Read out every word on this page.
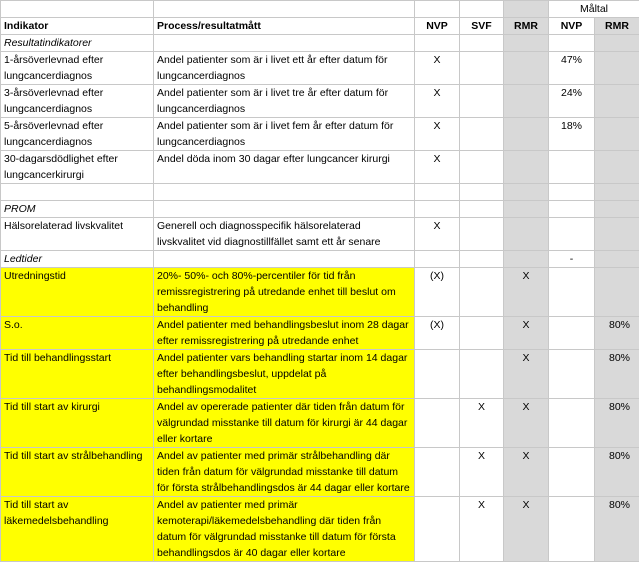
					Måltal	
Indikator	Process/resultatmått	NVP	SVF	RMR	NVP	RMR
Resultatindikatorer						
1-årsöverlevnad efter lungcancerdiagnos	Andel patienter som är i livet ett år efter datum för lungcancerdiagnos	X			47%	
3-årsöverlevnad efter lungcancerdiagnos	Andel patienter som är i livet tre år efter datum för lungcancerdiagnos	X			24%	
5-årsöverlevnad efter lungcancerdiagnos	Andel patienter som är i livet fem år efter datum för lungcancerdiagnos	X			18%	
30-dagarsdödlighet efter lungcancerkirurgi	Andel döda inom 30 dagar efter lungcancer kirurgi	X				

PROM						
Hälsorelaterad livskvalitet	Generell och diagnosspecifik hälsorelaterad livskvalitet vid diagnostillfället samt ett år senare	X				
Ledtider					-	
Utredningstid	20%- 50%- och 80%-percentiler för tid från remissregistrering på utredande enhet till beslut om behandling	(X)		X		
S.o.	Andel patienter med behandlingsbeslut inom 28 dagar efter remissregistrering på utredande enhet	(X)		X		80%
Tid till behandlingsstart	Andel patienter vars behandling startar inom 14 dagar efter behandlingsbeslut, uppdelat på behandlingsmodalitet			X		80%
Tid till start av kirurgi	Andel av opererade patienter där tiden från datum för välgrundad misstanke till datum för kirurgi är 44 dagar eller kortare		X	X		80%
Tid till start av strålbehandling	Andel av patienter med primär strålbehandling där tiden från datum för välgrundad misstanke till datum för första strålbehandlingsdos är 44 dagar eller kortare		X	X		80%
Tid till start av läkemedelsbehandling	Andel av patienter med primär kemoterapi/läkemedelsbehandling där tiden från datum för välgrundad misstanke till datum för första behandlingsdos är 40 dagar eller kortare		X	X		80%
